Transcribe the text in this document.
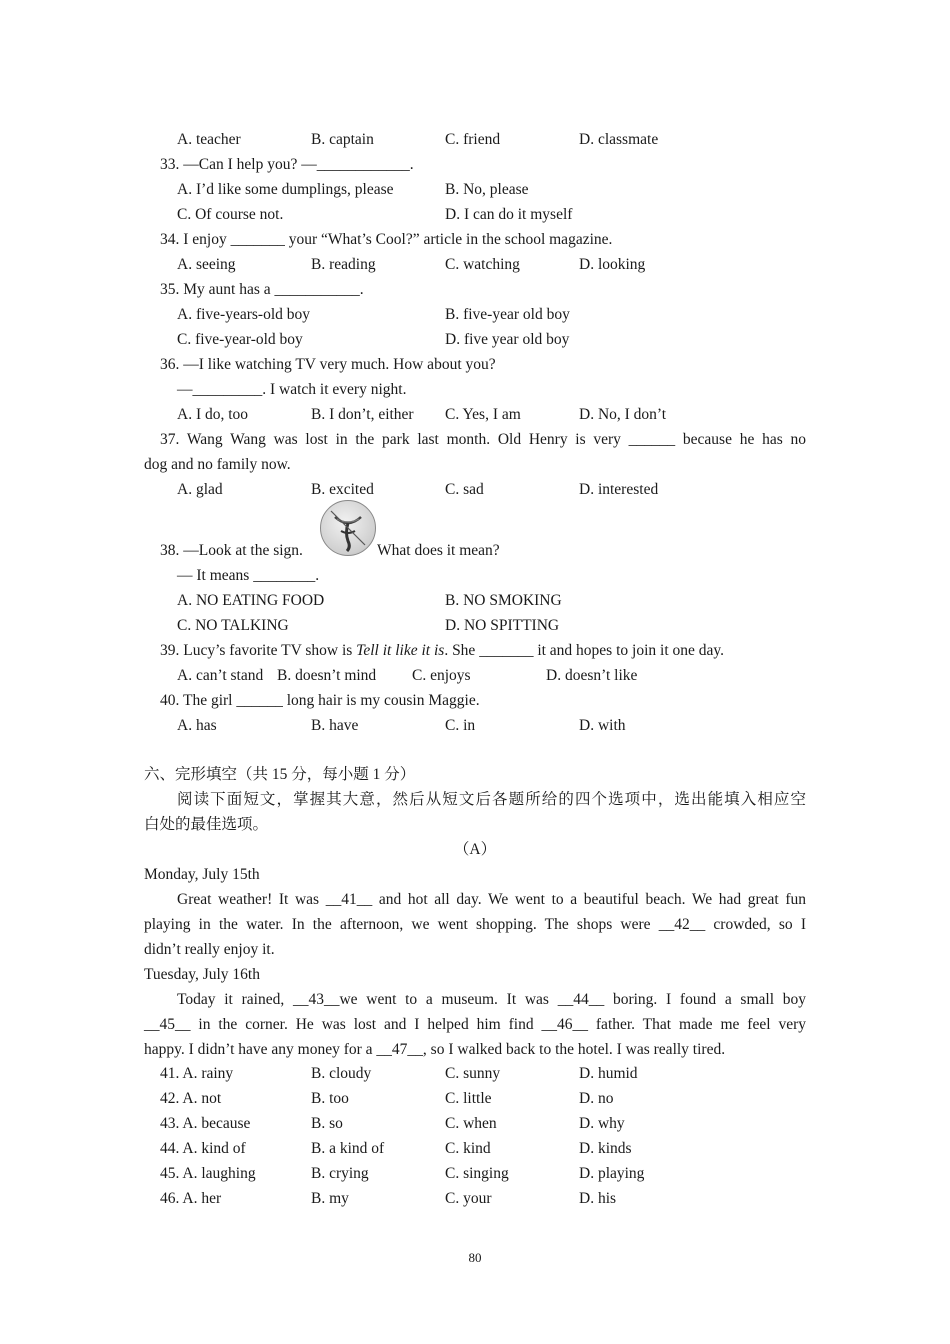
A. teacher	B. captain	C. friend	D. classmate
33. —Can I help you? —____________.
A. I’d like some dumplings, please	B. No, please
C. Of course not.	D. I can do it myself
34. I enjoy _______ your “What’s Cool?” article in the school magazine.
A. seeing	B. reading	C. watching	D. looking
35. My aunt has a ___________.
A. five-years-old boy	B. five-year old boy
C. five-year-old boy	D. five year old boy
36. —I like watching TV very much. How about you?
—_________. I watch it every night.
A. I do, too	B. I don’t, either C. Yes, I am	D. No, I don’t
37. Wang Wang was lost in the park last month. Old Henry is very ______ because he has no
dog and no family now.
A. glad	B. excited	C. sad	D. interested
38. —Look at the sign.	What does it mean?
— It means ________.
A. NO EATING FOOD	B. NO SMOKING
C. NO TALKING	D. NO SPITTING
39. Lucy’s favorite TV show is Tell it like it is. She _______ it and hopes to join it one day.
A. can’t stand B. doesn’t mind C. enjoys	D. doesn’t like
40. The girl ______ long hair is my cousin Maggie.
A. has	B. have	C. in	D. with
六、完形填空（共 15 分，每小题 1 分）
阅读下面短文，掌握其大意，然后从短文后各题所给的四个选项中，选出能填入相应空
白处的最佳选项。
（A）
Monday, July 15th
Great weather! It was __41__ and hot all day. We went to a beautiful beach. We had great fun
playing in the water. In the afternoon, we went shopping. The shops were __42__ crowded, so I
didn’t really enjoy it.
Tuesday, July 16th
Today it rained, __43__we went to a museum. It was __44__ boring. I found a small boy
__45__ in the corner. He was lost and I helped him find __46__ father. That made me feel very
happy. I didn’t have any money for a __47__, so I walked back to the hotel. I was really tired.
41. A. rainy	B. cloudy	C. sunny	D. humid
42. A. not	B. too	C. little	D. no
43. A. because	B. so	C. when	D. why
44. A. kind of	B. a kind of	C. kind	D. kinds
45. A. laughing	B. crying	C. singing	D. playing
46. A. her	B. my	C. your	D. his
80
